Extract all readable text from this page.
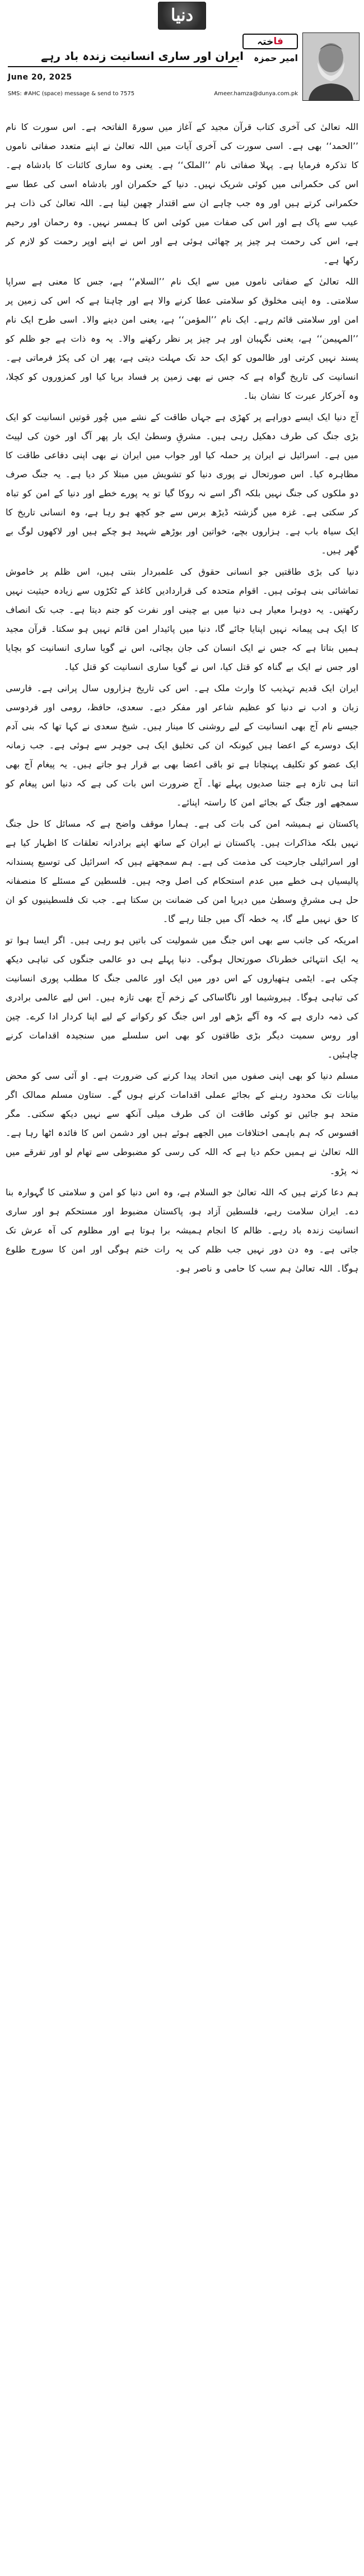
دنیا
فا
ختہ
امیر حمزہ
ایران اور ساری انسانیت زندہ باد رہے
June 20, 2025
Ameer.hamza@dunya.com.pk
SMS: #AHC (space) message & send to 7575

اللہ تعالیٰ کی آخری کتاب قرآن مجید کے آغاز میں سورۃ الفاتحہ ہے۔ اس سورت کا نام ’’الحمد‘‘ بھی ہے۔ اسی سورت کی آخری آیات میں اللہ تعالیٰ نے اپنے متعدد صفاتی ناموں کا تذکرہ فرمایا ہے۔ پہلا صفاتی نام ’’الملک‘‘ ہے۔ یعنی وہ ساری کائنات کا بادشاہ ہے۔ اس کی حکمرانی میں کوئی شریک نہیں۔ دنیا کے حکمران اور بادشاہ اسی کی عطا سے حکمرانی کرتے ہیں اور وہ جب چاہے ان سے اقتدار چھین لیتا ہے۔ اللہ تعالیٰ کی ذات ہر عیب سے پاک ہے اور اس کی صفات میں کوئی اس کا ہمسر نہیں۔ وہ رحمان اور رحیم ہے، اس کی رحمت ہر چیز پر چھائی ہوئی ہے اور اس نے اپنے اوپر رحمت کو لازم کر رکھا ہے۔

اللہ تعالیٰ کے صفاتی ناموں میں سے ایک نام ’’السلام‘‘ ہے، جس کا معنی ہے سراپا سلامتی۔ وہ اپنی مخلوق کو سلامتی عطا کرنے والا ہے اور چاہتا ہے کہ اس کی زمین پر امن اور سلامتی قائم رہے۔ ایک نام ’’المؤمن‘‘ ہے، یعنی امن دینے والا۔ اسی طرح ایک نام ’’المہیمن‘‘ ہے، یعنی نگہبان اور ہر چیز پر نظر رکھنے والا۔ یہ وہ ذات ہے جو ظلم کو پسند نہیں کرتی اور ظالموں کو ایک حد تک مہلت دیتی ہے، پھر ان کی پکڑ فرماتی ہے۔ انسانیت کی تاریخ گواہ ہے کہ جس نے بھی زمین پر فساد برپا کیا اور کمزوروں کو کچلا، وہ آخرکار عبرت کا نشان بنا۔

آج دنیا ایک ایسے دوراہے پر کھڑی ہے جہاں طاقت کے نشے میں چُور قوتیں انسانیت کو ایک بڑی جنگ کی طرف دھکیل رہی ہیں۔ مشرقِ وسطیٰ ایک بار پھر آگ اور خون کی لپیٹ میں ہے۔ اسرائیل نے ایران پر حملہ کیا اور جواب میں ایران نے بھی اپنی دفاعی طاقت کا مظاہرہ کیا۔ اس صورتحال نے پوری دنیا کو تشویش میں مبتلا کر دیا ہے۔ یہ جنگ صرف دو ملکوں کی جنگ نہیں بلکہ اگر اسے نہ روکا گیا تو یہ پورے خطے اور دنیا کے امن کو تباہ کر سکتی ہے۔ غزہ میں گزشتہ ڈیڑھ برس سے جو کچھ ہو رہا ہے، وہ انسانی تاریخ کا ایک سیاہ باب ہے۔ ہزاروں بچے، خواتین اور بوڑھے شہید ہو چکے ہیں اور لاکھوں لوگ بے گھر ہیں۔

دنیا کی بڑی طاقتیں جو انسانی حقوق کی علمبردار بنتی ہیں، اس ظلم پر خاموش تماشائی بنی ہوئی ہیں۔ اقوام متحدہ کی قراردادیں کاغذ کے ٹکڑوں سے زیادہ حیثیت نہیں رکھتیں۔ یہ دوہرا معیار ہی دنیا میں بے چینی اور نفرت کو جنم دیتا ہے۔ جب تک انصاف کا ایک ہی پیمانہ نہیں اپنایا جائے گا، دنیا میں پائیدار امن قائم نہیں ہو سکتا۔ قرآن مجید ہمیں بتاتا ہے کہ جس نے ایک انسان کی جان بچائی، اس نے گویا ساری انسانیت کو بچایا اور جس نے ایک بے گناہ کو قتل کیا، اس نے گویا ساری انسانیت کو قتل کیا۔

ایران ایک قدیم تہذیب کا وارث ملک ہے۔ اس کی تاریخ ہزاروں سال پرانی ہے۔ فارسی زبان و ادب نے دنیا کو عظیم شاعر اور مفکر دیے۔ سعدی، حافظ، رومی اور فردوسی جیسے نام آج بھی انسانیت کے لیے روشنی کا مینار ہیں۔ شیخ سعدی نے کہا تھا کہ بنی آدم ایک دوسرے کے اعضا ہیں کیونکہ ان کی تخلیق ایک ہی جوہر سے ہوئی ہے۔ جب زمانہ ایک عضو کو تکلیف پہنچاتا ہے تو باقی اعضا بھی بے قرار ہو جاتے ہیں۔ یہ پیغام آج بھی اتنا ہی تازہ ہے جتنا صدیوں پہلے تھا۔ آج ضرورت اس بات کی ہے کہ دنیا اس پیغام کو سمجھے اور جنگ کے بجائے امن کا راستہ اپنائے۔

پاکستان نے ہمیشہ امن کی بات کی ہے۔ ہمارا موقف واضح ہے کہ مسائل کا حل جنگ نہیں بلکہ مذاکرات ہیں۔ پاکستان نے ایران کے ساتھ اپنے برادرانہ تعلقات کا اظہار کیا ہے اور اسرائیلی جارحیت کی مذمت کی ہے۔ ہم سمجھتے ہیں کہ اسرائیل کی توسیع پسندانہ پالیسیاں ہی خطے میں عدم استحکام کی اصل وجہ ہیں۔ فلسطین کے مسئلے کا منصفانہ حل ہی مشرقِ وسطیٰ میں دیرپا امن کی ضمانت بن سکتا ہے۔ جب تک فلسطینیوں کو ان کا حق نہیں ملے گا، یہ خطہ آگ میں جلتا رہے گا۔

امریکہ کی جانب سے بھی اس جنگ میں شمولیت کی باتیں ہو رہی ہیں۔ اگر ایسا ہوا تو یہ ایک انتہائی خطرناک صورتحال ہوگی۔ دنیا پہلے ہی دو عالمی جنگوں کی تباہی دیکھ چکی ہے۔ ایٹمی ہتھیاروں کے اس دور میں ایک اور عالمی جنگ کا مطلب پوری انسانیت کی تباہی ہوگا۔ ہیروشیما اور ناگاساکی کے زخم آج بھی تازہ ہیں۔ اس لیے عالمی برادری کی ذمہ داری ہے کہ وہ آگے بڑھے اور اس جنگ کو رکوانے کے لیے اپنا کردار ادا کرے۔ چین اور روس سمیت دیگر بڑی طاقتوں کو بھی اس سلسلے میں سنجیدہ اقدامات کرنے چاہئیں۔

مسلم دنیا کو بھی اپنی صفوں میں اتحاد پیدا کرنے کی ضرورت ہے۔ او آئی سی کو محض بیانات تک محدود رہنے کے بجائے عملی اقدامات کرنے ہوں گے۔ ستاون مسلم ممالک اگر متحد ہو جائیں تو کوئی طاقت ان کی طرف میلی آنکھ سے نہیں دیکھ سکتی۔ مگر افسوس کہ ہم باہمی اختلافات میں الجھے ہوئے ہیں اور دشمن اس کا فائدہ اٹھا رہا ہے۔ اللہ تعالیٰ نے ہمیں حکم دیا ہے کہ اللہ کی رسی کو مضبوطی سے تھام لو اور تفرقے میں نہ پڑو۔

ہم دعا کرتے ہیں کہ اللہ تعالیٰ جو السلام ہے، وہ اس دنیا کو امن و سلامتی کا گہوارہ بنا دے۔ ایران سلامت رہے، فلسطین آزاد ہو، پاکستان مضبوط اور مستحکم ہو اور ساری انسانیت زندہ باد رہے۔ ظالم کا انجام ہمیشہ برا ہوتا ہے اور مظلوم کی آہ عرش تک جاتی ہے۔ وہ دن دور نہیں جب ظلم کی یہ رات ختم ہوگی اور امن کا سورج طلوع ہوگا۔ اللہ تعالیٰ ہم سب کا حامی و ناصر ہو۔
